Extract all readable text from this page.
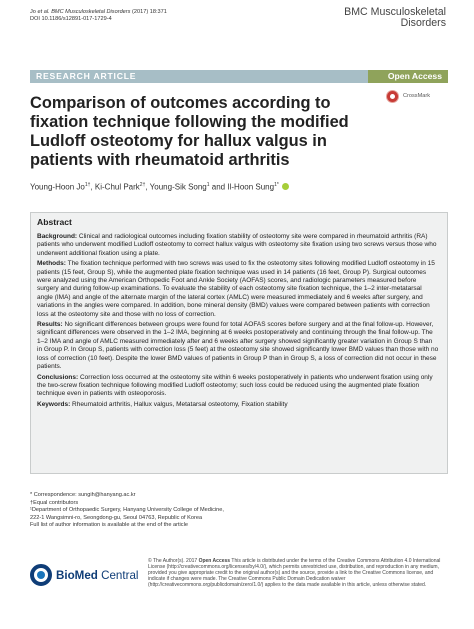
Jo et al. BMC Musculoskeletal Disorders (2017) 18:371
DOI 10.1186/s12891-017-1729-4
BMC Musculoskeletal
Disorders
RESEARCH ARTICLE	Open Access
CrossMark
Comparison of outcomes according to fixation technique following the modified Ludloff osteotomy for hallux valgus in patients with rheumatoid arthritis
Young-Hoon $Jo^{1\dagger}$, Ki-Chul Park$^{2\dagger}$, Young-Sik Song$^1$ and Il-Hoon Sung$^{1*}$
Abstract

Background: Clinical and radiological outcomes including fixation stability of osteotomy site were compared in rheumatoid arthritis (RA) patients who underwent modified Ludloff osteotomy to correct hallux valgus with osteotomy site fixation using two screws versus those who underwent additional fixation using a plate.

Methods: The fixation technique performed with two screws was used to fix the osteotomy sites following modified Ludloff osteotomy in 15 patients (15 feet, Group S), while the augmented plate fixation technique was used in 14 patients (16 feet, Group P). Surgical outcomes were analyzed using the American Orthopedic Foot and Ankle Society (AOFAS) scores, and radiologic parameters measured before surgery and during follow-up examinations. To evaluate the stability of each osteotomy site fixation technique, the 1–2 inter-metatarsal angle (IMA) and angle of the alternate margin of the lateral cortex (AMLC) were measured immediately and 6 weeks after surgery, and variations in the angles were compared. In addition, bone mineral density (BMD) values were compared between patients with correction loss at the osteotomy site and those with no loss of correction.

Results: No significant differences between groups were found for total AOFAS scores before surgery and at the final follow-up. However, significant differences were observed in the 1–2 IMA, beginning at 6 weeks postoperatively and continuing through the final follow-up. The 1–2 IMA and angle of AMLC measured immediately after and 6 weeks after surgery showed significantly greater variation in Group S than in Group P. In Group S, patients with correction loss (5 feet) at the osteotomy site showed significantly lower BMD values than those with no loss of correction (10 feet). Despite the lower BMD values of patients in Group P than in Group S, a loss of correction did not occur in these patients.

Conclusions: Correction loss occurred at the osteotomy site within 6 weeks postoperatively in patients who underwent fixation using only the two-screw fixation technique following modified Ludloff osteotomy; such loss could be reduced using the augmented plate fixation technique even in patients with osteoporosis.

Keywords: Rheumatoid arthritis, Hallux valgus, Metatarsal osteotomy, Fixation stability

* Correspondence: sungih@hanyang.ac.kr

†Equal contributors

¹Department of Orthopaedic Surgery, Hanyang University College of Medicine,

222-1 Wangsimni-ro, Seongdong-gu, Seoul 04763, Republic of Korea

Full list of author information is available at the end of the article

BioMed Central
© The Author(s). 2017 Open Access This article is distributed under the terms of the Creative Commons Attribution 4.0 International License (http://creativecommons.org/licenses/by/4.0/), which permits unrestricted use, distribution, and reproduction in any medium, provided you give appropriate credit to the original author(s) and the source, provide a link to the Creative Commons license, and indicate if changes were made. The Creative Commons Public Domain Dedication waiver (http://creativecommons.org/publicdomain/zero/1.0/) applies to the data made available in this article, unless otherwise stated.
